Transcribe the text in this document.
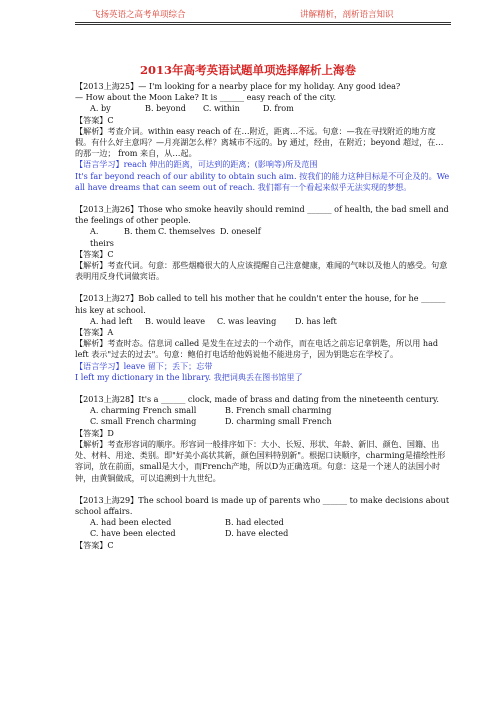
飞扬英语之高考单项综合	讲解精析，剖析语言知识
2013年高考英语试题单项选择解析上海卷

【2013上海25】— I'm looking for a nearby place for my holiday. Any good idea?

— How about the Moon Lake? It is ______ easy reach of the city.

A. by	B. beyond	C. within	D. from

【答案】C

【解析】考查介词。within easy reach of 在…附近，距离…不远。句意：—我在寻找附近的地方度假。有什么好主意吗？—月亮湖怎么样？离城市不远的。by 通过，经由，在附近；beyond 超过，在…的那一边； from 来自，从…起。

【语言学习】reach 伸出的距离，可达到的距离；(影响等)所及范围

It's far beyond reach of our ability to obtain such aim. 按我们的能力这种目标是不可企及的。We all have dreams that can seem out of reach. 我们都有一个看起来似乎无法实现的梦想。

【2013上海26】Those who smoke heavily should remind ______ of health, the bad smell and the feelings of other people.

A. theirs
B. them C. themselves D. oneself

【答案】C

【解析】考查代词。句意：那些烟瘾很大的人应该提醒自己注意健康，难闻的气味以及他人的感受。句意表明用反身代词做宾语。

【2013上海27】Bob called to tell his mother that he couldn't enter the house, for he ______ his key at school.

A. had left	B. would leave	C. was leaving	D. has left

【答案】A

【解析】考查时态。信息词 called 是发生在过去的一个动作，而在电话之前忘记拿钥匙，所以用 had left 表示"过去的过去"。句意：鲍伯打电话给他妈说他不能进房子，因为钥匙忘在学校了。

【语言学习】leave 留下；丢下；忘带

I left my dictionary in the library. 我把词典丢在图书馆里了

【2013上海28】It's a ______ clock, made of brass and dating from the nineteenth century.

A. charming French small	B. French small charming
C. small French charming	D. charming small French

【答案】D

【解析】考查形容词的顺序。形容词一般排序如下：大小、长短、形状、年龄、新旧、颜色、国籍、出处、材料、用途、类别。即"好美小高状其新，颜色国料特别新"。根据口诀顺序，charming是描绘性形容词，放在前面，small是大小，而French产地，所以D为正确选项。句意：这是一个迷人的法国小时钟，由黄铜做成，可以追溯到十九世纪。

【2013上海29】The school board is made up of parents who ______ to make decisions about school affairs.

A. had been elected	B. had elected
C. have been elected	D. have elected

【答案】C
